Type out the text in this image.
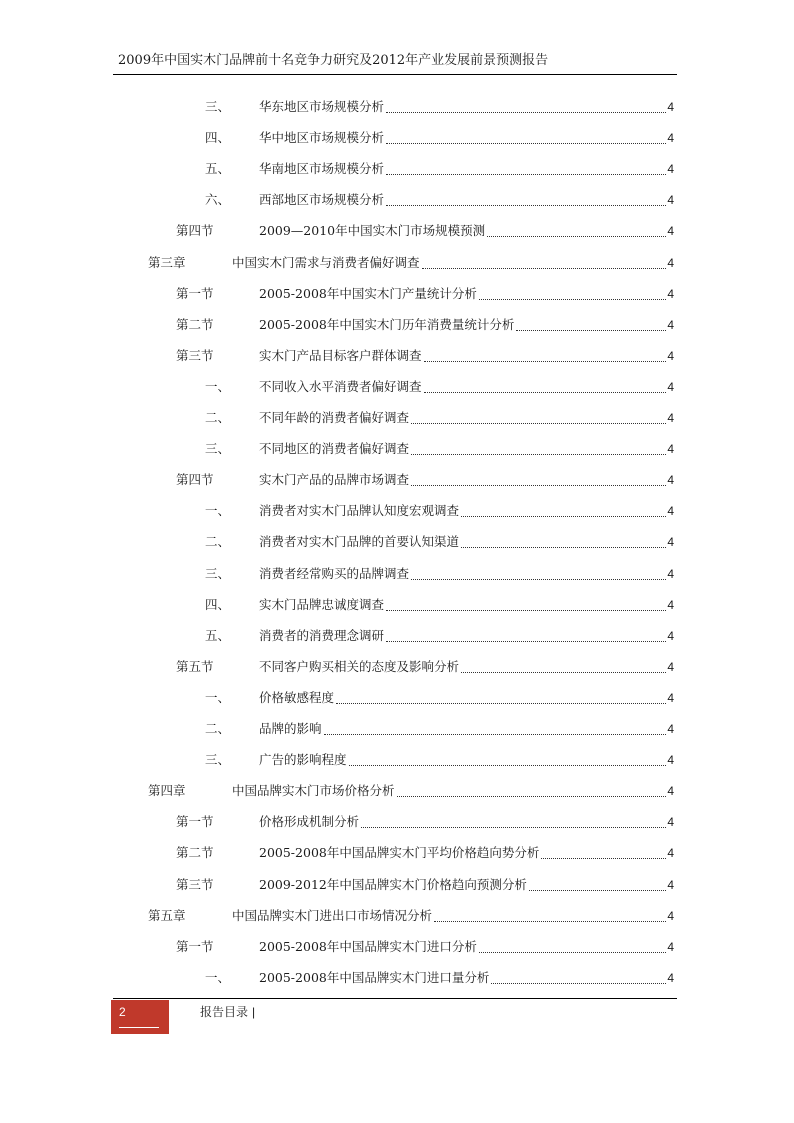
2009年中国实木门品牌前十名竞争力研究及2012年产业发展前景预测报告
三、	华东地区市场规模分析	4
四、	华中地区市场规模分析	4
五、	华南地区市场规模分析	4
六、	西部地区市场规模分析	4
第四节	2009—2010年中国实木门市场规模预测	4
第三章	中国实木门需求与消费者偏好调查	4
第一节	2005-2008年中国实木门产量统计分析	4
第二节	2005-2008年中国实木门历年消费量统计分析	4
第三节	实木门产品目标客户群体调查	4
一、	不同收入水平消费者偏好调查	4
二、	不同年龄的消费者偏好调查	4
三、	不同地区的消费者偏好调查	4
第四节	实木门产品的品牌市场调查	4
一、	消费者对实木门品牌认知度宏观调查	4
二、	消费者对实木门品牌的首要认知渠道	4
三、	消费者经常购买的品牌调查	4
四、	实木门品牌忠诚度调查	4
五、	消费者的消费理念调研	4
第五节	不同客户购买相关的态度及影响分析	4
一、	价格敏感程度	4
二、	品牌的影响	4
三、	广告的影响程度	4
第四章	中国品牌实木门市场价格分析	4
第一节	价格形成机制分析	4
第二节	2005-2008年中国品牌实木门平均价格趋向势分析	4
第三节	2009-2012年中国品牌实木门价格趋向预测分析	4
第五章	中国品牌实木门进出口市场情况分析	4
第一节	2005-2008年中国品牌实木门进口分析	4
一、	2005-2008年中国品牌实木门进口量分析	4
2	报告目录 |
